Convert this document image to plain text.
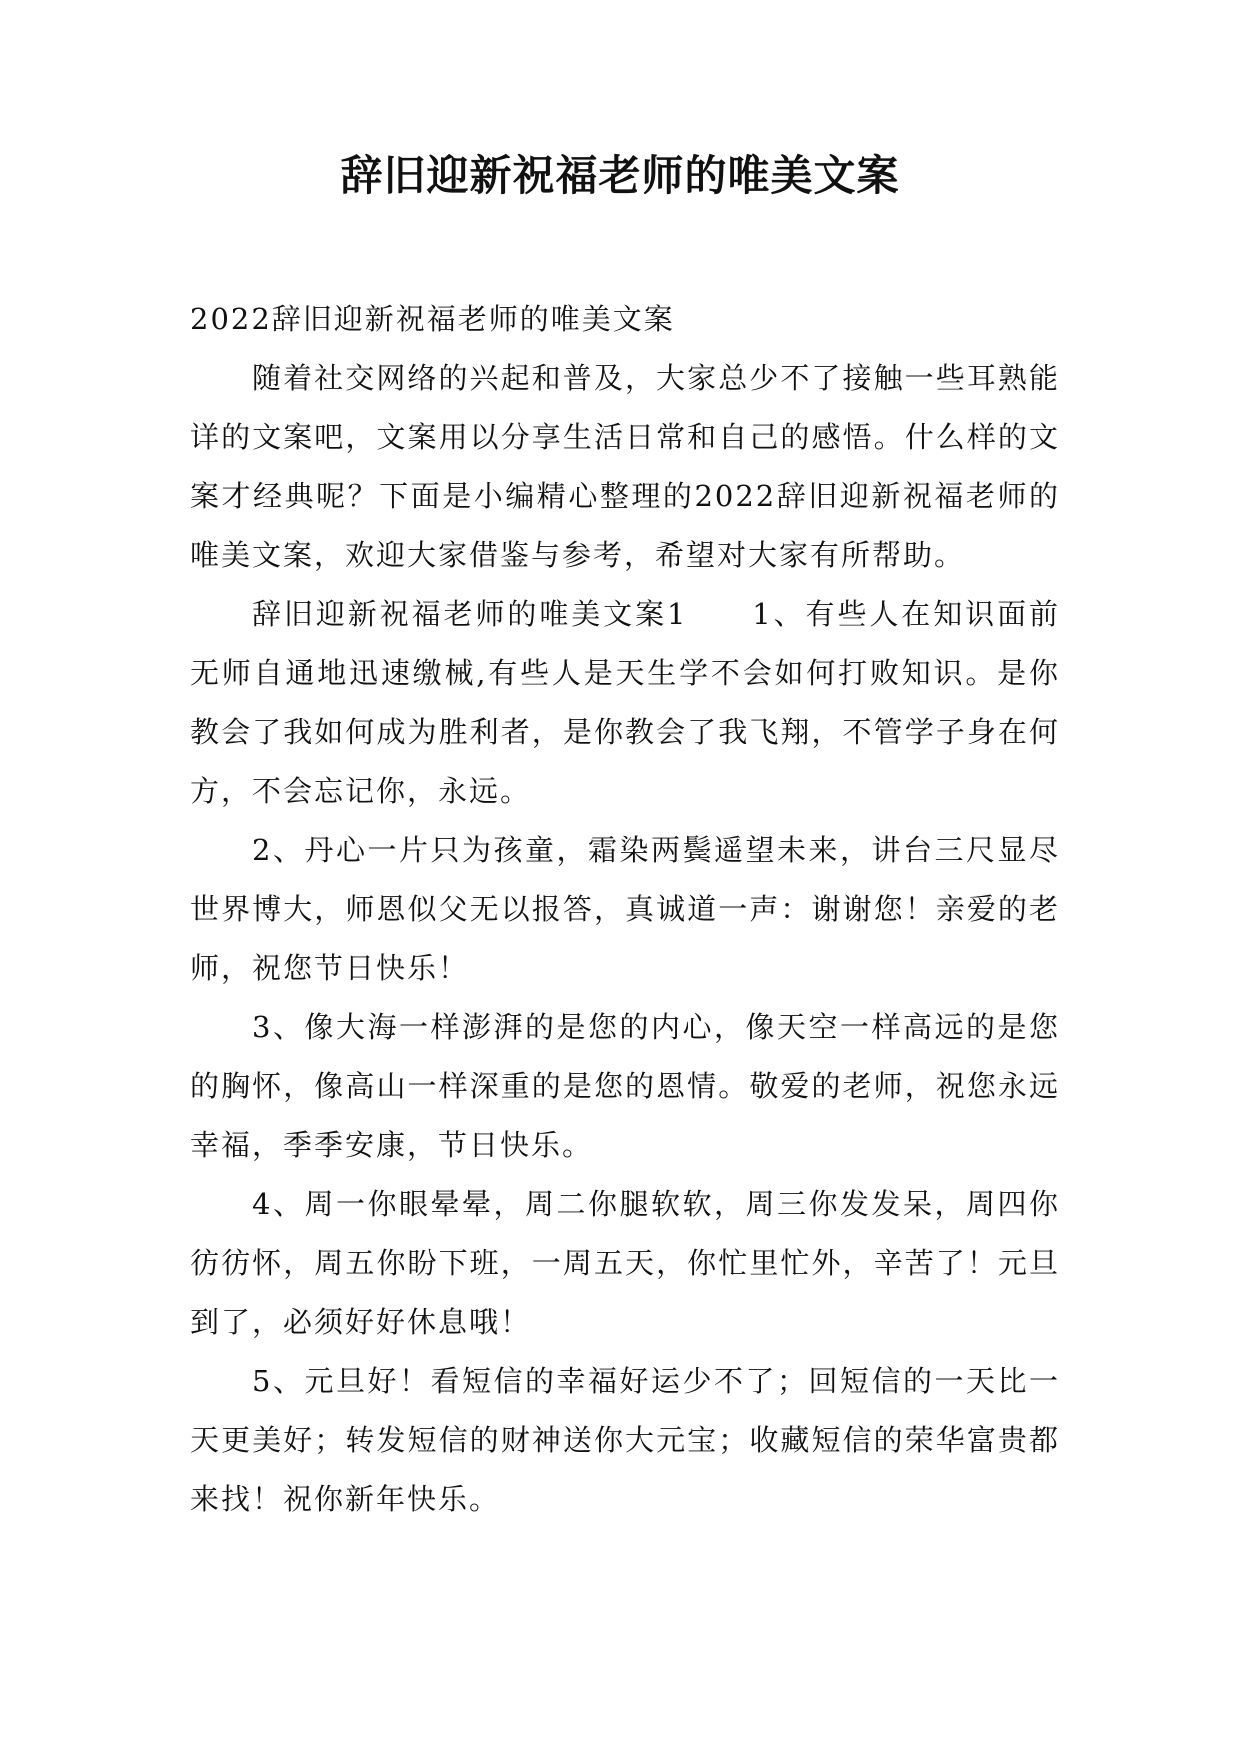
辞旧迎新祝福老师的唯美文案

2022辞旧迎新祝福老师的唯美文案

随着社交网络的兴起和普及，大家总少不了接触一些耳熟能详的文案吧，文案用以分享生活日常和自己的感悟。什么样的文案才经典呢？下面是小编精心整理的2022辞旧迎新祝福老师的唯美文案，欢迎大家借鉴与参考，希望对大家有所帮助。

辞旧迎新祝福老师的唯美文案1　　1、有些人在知识面前无师自通地迅速缴械,有些人是天生学不会如何打败知识。是你教会了我如何成为胜利者，是你教会了我飞翔，不管学子身在何方，不会忘记你，永远。

2、丹心一片只为孩童，霜染两鬓遥望未来，讲台三尺显尽世界博大，师恩似父无以报答，真诚道一声：谢谢您！亲爱的老师，祝您节日快乐！

3、像大海一样澎湃的是您的内心，像天空一样高远的是您的胸怀，像高山一样深重的是您的恩情。敬爱的老师，祝您永远幸福，季季安康，节日快乐。

4、周一你眼晕晕，周二你腿软软，周三你发发呆，周四你彷彷怀，周五你盼下班，一周五天，你忙里忙外，辛苦了！元旦到了，必须好好休息哦！

5、元旦好！看短信的幸福好运少不了；回短信的一天比一天更美好；转发短信的财神送你大元宝；收藏短信的荣华富贵都来找！祝你新年快乐。
